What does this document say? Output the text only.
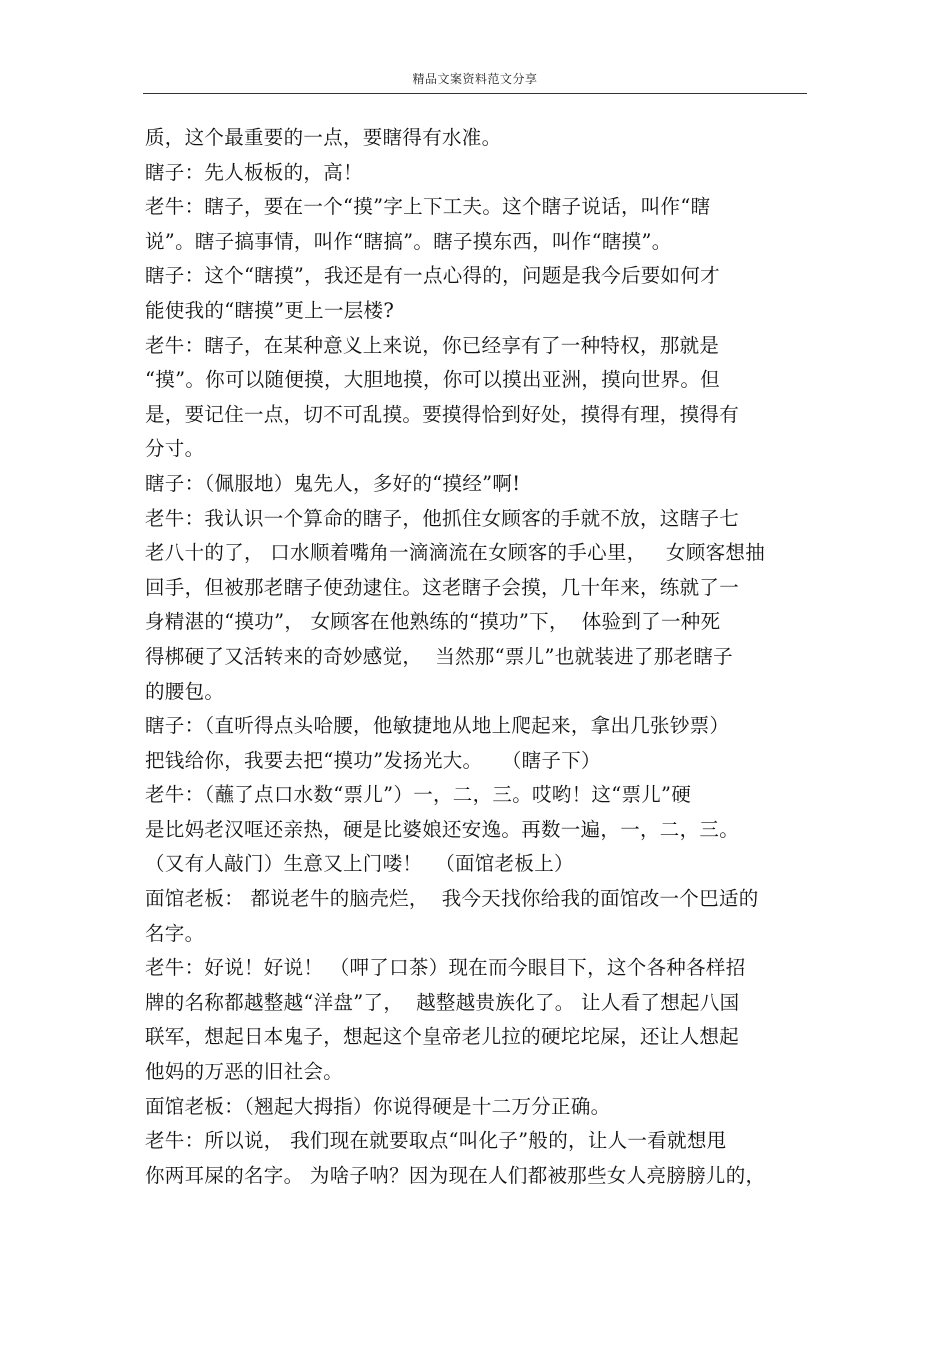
精品文案资料范文分享
质，这个最重要的一点，要瞎得有水准。
瞎子：先人板板的，高！
老牛：瞎子，要在一个“摸”字上下工夫。这个瞎子说话，叫作“瞎
说”。瞎子搞事情，叫作“瞎搞”。瞎子摸东西，叫作“瞎摸”。
瞎子：这个“瞎摸”，我还是有一点心得的，问题是我今后要如何才
能使我的“瞎摸”更上一层楼?
老牛：瞎子，在某种意义上来说，你已经享有了一种特权，那就是
“摸”。你可以随便摸，大胆地摸，你可以摸出亚洲，摸向世界。但
是，要记住一点，切不可乱摸。要摸得恰到好处，摸得有理，摸得有
分寸。
瞎子：（佩服地）鬼先人，多好的“摸经”啊!
老牛：我认识一个算命的瞎子，他抓住女顾客的手就不放，这瞎子七
老八十的了， 口水顺着嘴角一滴滴流在女顾客的手心里，   女顾客想抽
回手，但被那老瞎子使劲逮住。这老瞎子会摸，几十年来，练就了一
身精湛的“摸功”， 女顾客在他熟练的“摸功”下，  体验到了一种死
得梆硬了又活转来的奇妙感觉，  当然那“票儿”也就装进了那老瞎子
的腰包。
瞎子：（直听得点头哈腰，他敏捷地从地上爬起来，拿出几张钞票）
把钱给你，我要去把“摸功”发扬光大。   （瞎子下）
老牛：（蘸了点口水数“票儿”）一，二，三。哎哟！这“票儿”硬
是比妈老汉哐还亲热，硬是比婆娘还安逸。再数一遍，一，二，三。
（又有人敲门）生意又上门喽！  （面馆老板上）
面馆老板： 都说老牛的脑壳烂，  我今天找你给我的面馆改一个巴适的
名字。
老牛：好说！好说！ （呷了口茶）现在而今眼目下，这个各种各样招
牌的名称都越整越“洋盘”了，  越整越贵族化了。 让人看了想起八国
联军，想起日本鬼子，想起这个皇帝老儿拉的硬坨坨屎，还让人想起
他妈的万恶的旧社会。
面馆老板：（翘起大拇指）你说得硬是十二万分正确。
老牛：所以说， 我们现在就要取点“叫化子”般的，让人一看就想甩
你两耳屎的名字。 为啥子呐？因为现在人们都被那些女人亮膀膀儿的，
